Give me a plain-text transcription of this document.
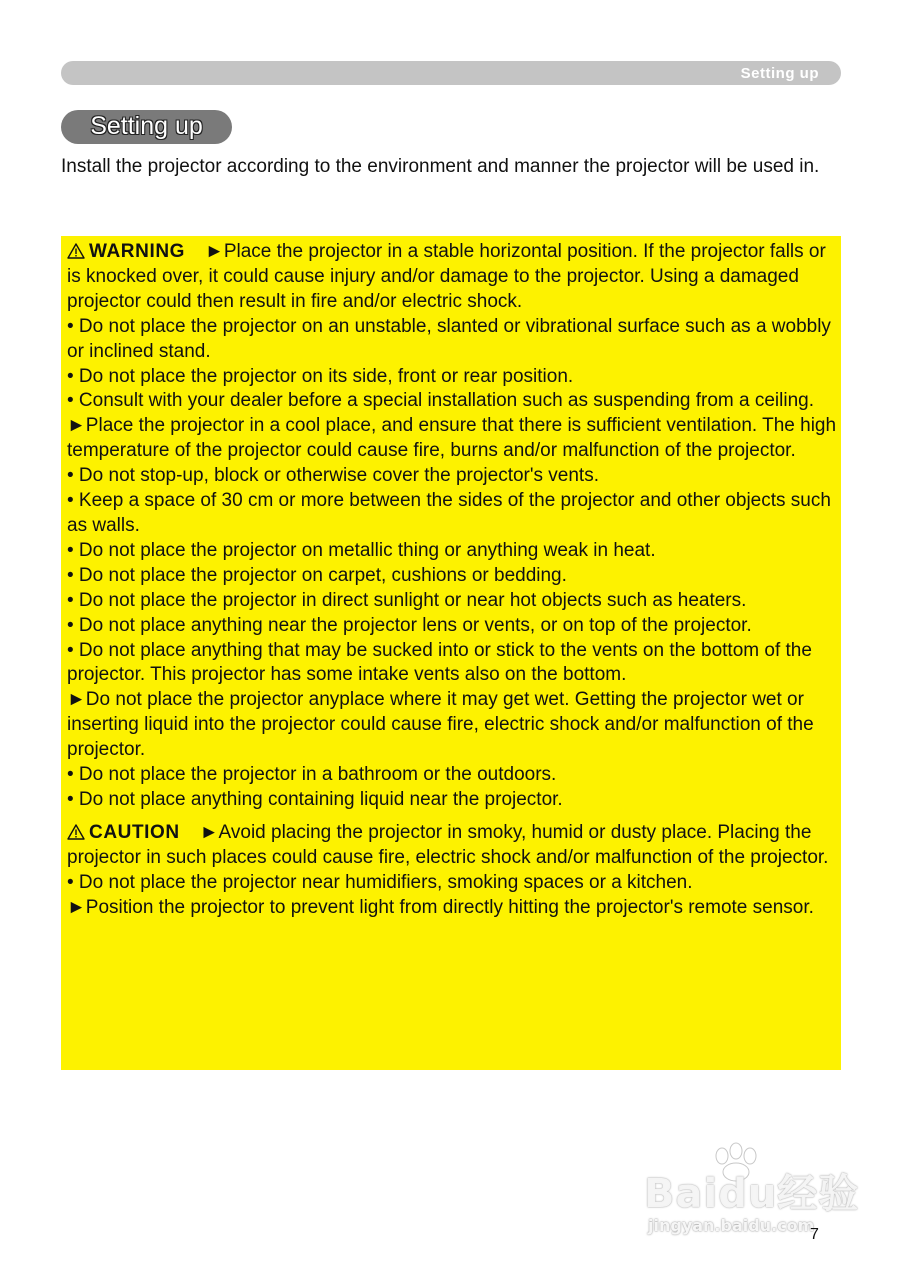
Setting up
Setting up

Install the projector according to the environment and manner the projector will be used in.

WARNING ►Place the projector in a stable horizontal position. If the projector falls or is knocked over, it could cause injury and/or damage to the projector. Using a damaged projector could then result in fire and/or electric shock.

• Do not place the projector on an unstable, slanted or vibrational surface such as a wobbly or inclined stand.

• Do not place the projector on its side, front or rear position.

• Consult with your dealer before a special installation such as suspending from a ceiling.

►Place the projector in a cool place, and ensure that there is sufficient ventilation. The high temperature of the projector could cause fire, burns and/or malfunction of the projector.

• Do not stop-up, block or otherwise cover the projector's vents.

• Keep a space of 30 cm or more between the sides of the projector and other objects such as walls.

• Do not place the projector on metallic thing or anything weak in heat.

• Do not place the projector on carpet, cushions or bedding.

• Do not place the projector in direct sunlight or near hot objects such as heaters.

• Do not place anything near the projector lens or vents, or on top of the projector.

• Do not place anything that may be sucked into or stick to the vents on the bottom of the projector. This projector has some intake vents also on the bottom.

►Do not place the projector anyplace where it may get wet. Getting the projector wet or inserting liquid into the projector could cause fire, electric shock and/or malfunction of the projector.

• Do not place the projector in a bathroom or the outdoors.

• Do not place anything containing liquid near the projector.

CAUTION ►Avoid placing the projector in smoky, humid or dusty place. Placing the projector in such places could cause fire, electric shock and/or malfunction of the projector.

• Do not place the projector near humidifiers, smoking spaces or a kitchen.

►Position the projector to prevent light from directly hitting the projector's remote sensor.

Baidu经验
jingyan.baidu.com
7
